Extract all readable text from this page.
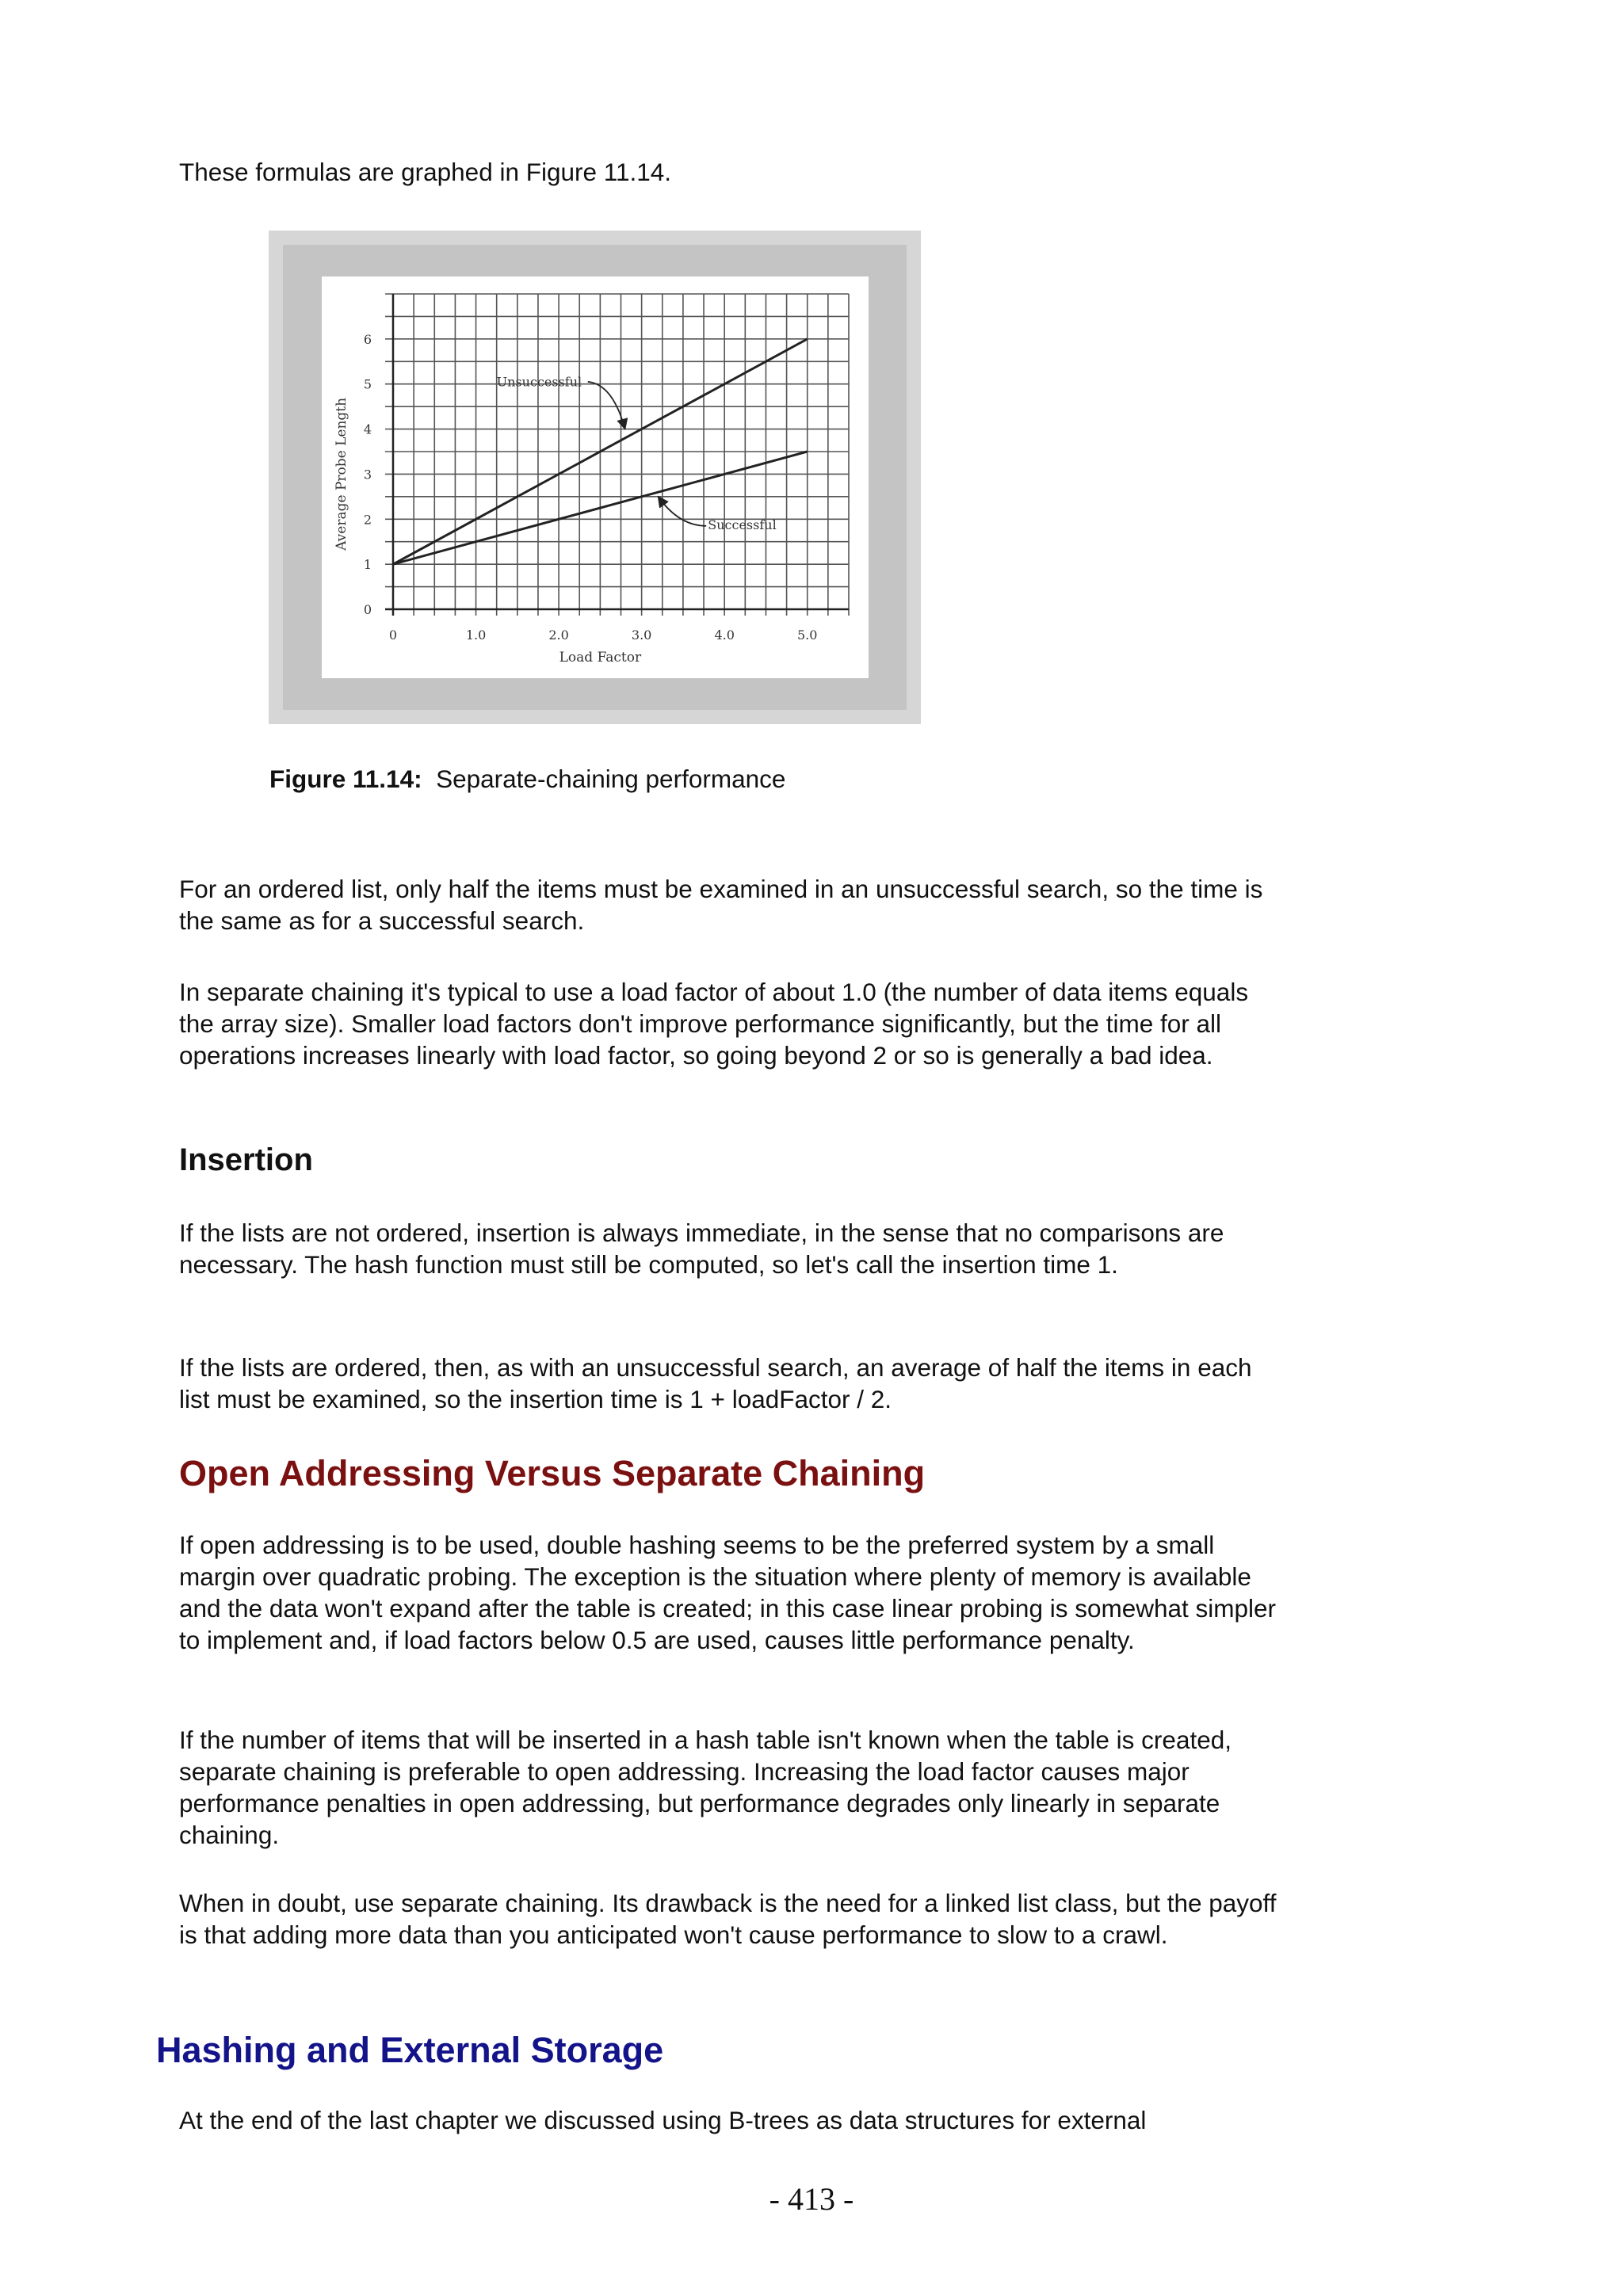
These formulas are graphed in Figure 11.14.

0	1.0	2.0	3.0	4.0	5.0
0
1
2
3
4
5
6
Unsuccessful
Successful
Load Factor
Average Probe Length

Figure 11.14: Separate-chaining performance

For an ordered list, only half the items must be examined in an unsuccessful search, so the time is the same as for a successful search.

In separate chaining it's typical to use a load factor of about 1.0 (the number of data items equals the array size). Smaller load factors don't improve performance significantly, but the time for all operations increases linearly with load factor, so going beyond 2 or so is generally a bad idea.

Insertion

If the lists are not ordered, insertion is always immediate, in the sense that no comparisons are necessary. The hash function must still be computed, so let's call the insertion time 1.

If the lists are ordered, then, as with an unsuccessful search, an average of half the items in each list must be examined, so the insertion time is 1 + loadFactor / 2.

Open Addressing Versus Separate Chaining

If open addressing is to be used, double hashing seems to be the preferred system by a small margin over quadratic probing. The exception is the situation where plenty of memory is available and the data won't expand after the table is created; in this case linear probing is somewhat simpler to implement and, if load factors below 0.5 are used, causes little performance penalty.

If the number of items that will be inserted in a hash table isn't known when the table is created, separate chaining is preferable to open addressing. Increasing the load factor causes major performance penalties in open addressing, but performance degrades only linearly in separate chaining.

When in doubt, use separate chaining. Its drawback is the need for a linked list class, but the payoff is that adding more data than you anticipated won't cause performance to slow to a crawl.

Hashing and External Storage

At the end of the last chapter we discussed using B-trees as data structures for external

- 413 -
